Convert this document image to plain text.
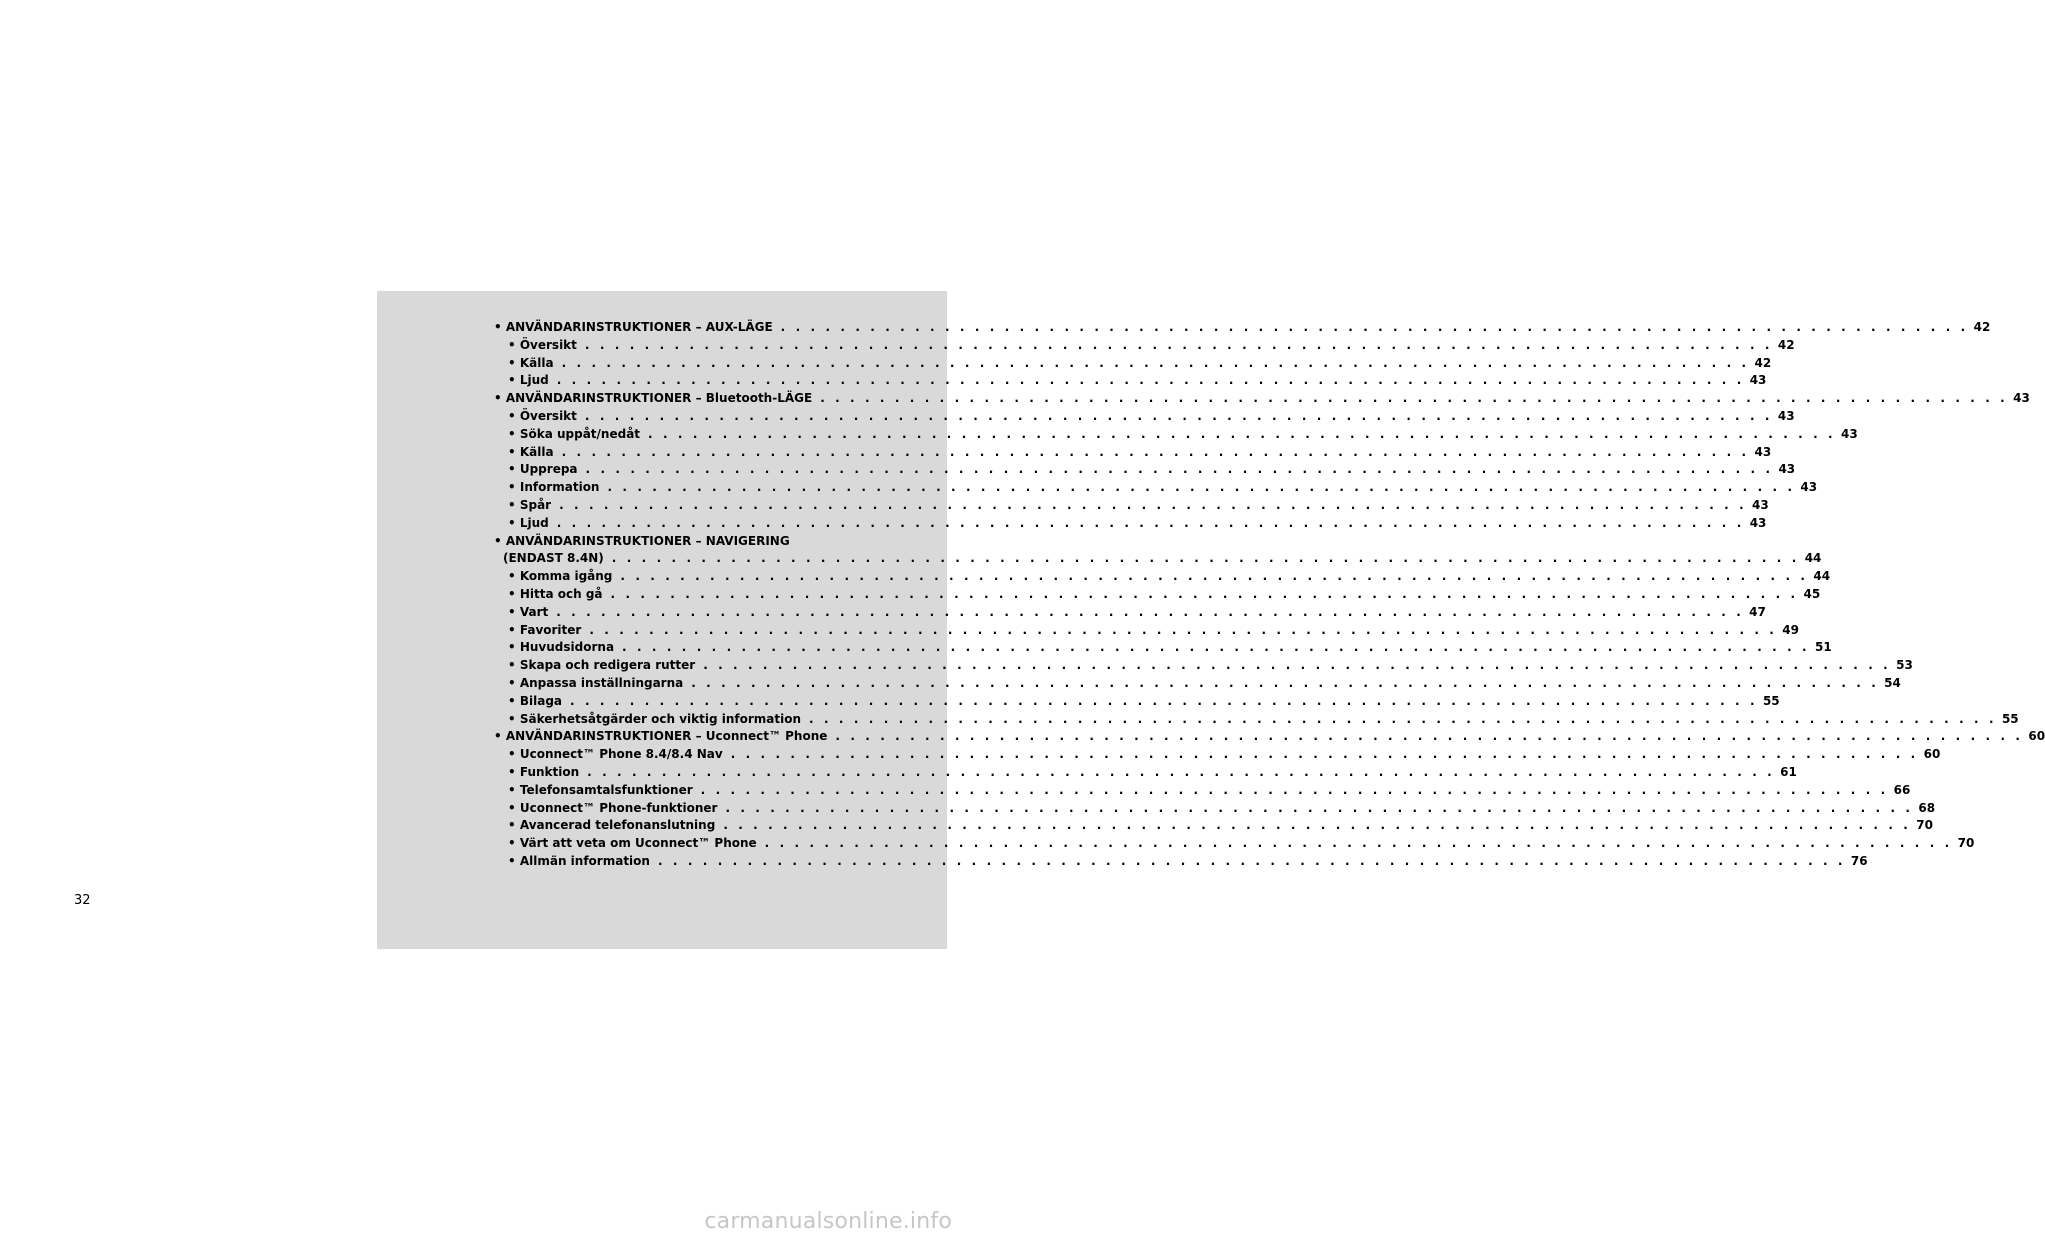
• ANVÄNDARINSTRUKTIONER – AUX-LÄGE . . . . . . . . . . . . . . . . . . . . . . . . . . . . . . . . . . . . . . . . . . . . . . . . . . . . . . . . . . . . . . . . . . . . . . . . . . . . . . . . 42
• Översikt . . . . . . . . . . . . . . . . . . . . . . . . . . . . . . . . . . . . . . . . . . . . . . . . . . . . . . . . . . . . . . . . . . . . . . . . . . . . . . . . 42
• Källa . . . . . . . . . . . . . . . . . . . . . . . . . . . . . . . . . . . . . . . . . . . . . . . . . . . . . . . . . . . . . . . . . . . . . . . . . . . . . . . . 42
• Ljud . . . . . . . . . . . . . . . . . . . . . . . . . . . . . . . . . . . . . . . . . . . . . . . . . . . . . . . . . . . . . . . . . . . . . . . . . . . . . . . . 43
• ANVÄNDARINSTRUKTIONER – Bluetooth-LÄGE . . . . . . . . . . . . . . . . . . . . . . . . . . . . . . . . . . . . . . . . . . . . . . . . . . . . . . . . . . . . . . . . . . . . . . . . . . . . . . . . 43
• Översikt . . . . . . . . . . . . . . . . . . . . . . . . . . . . . . . . . . . . . . . . . . . . . . . . . . . . . . . . . . . . . . . . . . . . . . . . . . . . . . . . 43
• Söka uppåt/nedåt . . . . . . . . . . . . . . . . . . . . . . . . . . . . . . . . . . . . . . . . . . . . . . . . . . . . . . . . . . . . . . . . . . . . . . . . . . . . . . . . 43
• Källa . . . . . . . . . . . . . . . . . . . . . . . . . . . . . . . . . . . . . . . . . . . . . . . . . . . . . . . . . . . . . . . . . . . . . . . . . . . . . . . . 43
• Upprepa . . . . . . . . . . . . . . . . . . . . . . . . . . . . . . . . . . . . . . . . . . . . . . . . . . . . . . . . . . . . . . . . . . . . . . . . . . . . . . . . 43
• Information . . . . . . . . . . . . . . . . . . . . . . . . . . . . . . . . . . . . . . . . . . . . . . . . . . . . . . . . . . . . . . . . . . . . . . . . . . . . . . . . 43
• Spår . . . . . . . . . . . . . . . . . . . . . . . . . . . . . . . . . . . . . . . . . . . . . . . . . . . . . . . . . . . . . . . . . . . . . . . . . . . . . . . . 43
• Ljud . . . . . . . . . . . . . . . . . . . . . . . . . . . . . . . . . . . . . . . . . . . . . . . . . . . . . . . . . . . . . . . . . . . . . . . . . . . . . . . . 43
• ANVÄNDARINSTRUKTIONER – NAVIGERING
(ENDAST 8.4N) . . . . . . . . . . . . . . . . . . . . . . . . . . . . . . . . . . . . . . . . . . . . . . . . . . . . . . . . . . . . . . . . . . . . . . . . . . . . . . . . 44
• Komma igång . . . . . . . . . . . . . . . . . . . . . . . . . . . . . . . . . . . . . . . . . . . . . . . . . . . . . . . . . . . . . . . . . . . . . . . . . . . . . . . . 44
• Hitta och gå . . . . . . . . . . . . . . . . . . . . . . . . . . . . . . . . . . . . . . . . . . . . . . . . . . . . . . . . . . . . . . . . . . . . . . . . . . . . . . . . 45
• Vart . . . . . . . . . . . . . . . . . . . . . . . . . . . . . . . . . . . . . . . . . . . . . . . . . . . . . . . . . . . . . . . . . . . . . . . . . . . . . . . . 47
• Favoriter . . . . . . . . . . . . . . . . . . . . . . . . . . . . . . . . . . . . . . . . . . . . . . . . . . . . . . . . . . . . . . . . . . . . . . . . . . . . . . . . 49
• Huvudsidorna . . . . . . . . . . . . . . . . . . . . . . . . . . . . . . . . . . . . . . . . . . . . . . . . . . . . . . . . . . . . . . . . . . . . . . . . . . . . . . . . 51
• Skapa och redigera rutter . . . . . . . . . . . . . . . . . . . . . . . . . . . . . . . . . . . . . . . . . . . . . . . . . . . . . . . . . . . . . . . . . . . . . . . . . . . . . . . . 53
• Anpassa inställningarna . . . . . . . . . . . . . . . . . . . . . . . . . . . . . . . . . . . . . . . . . . . . . . . . . . . . . . . . . . . . . . . . . . . . . . . . . . . . . . . . 54
• Bilaga . . . . . . . . . . . . . . . . . . . . . . . . . . . . . . . . . . . . . . . . . . . . . . . . . . . . . . . . . . . . . . . . . . . . . . . . . . . . . . . . 55
• Säkerhetsåtgärder och viktig information . . . . . . . . . . . . . . . . . . . . . . . . . . . . . . . . . . . . . . . . . . . . . . . . . . . . . . . . . . . . . . . . . . . . . . . . . . . . . . . . 55
• ANVÄNDARINSTRUKTIONER – Uconnect™ Phone . . . . . . . . . . . . . . . . . . . . . . . . . . . . . . . . . . . . . . . . . . . . . . . . . . . . . . . . . . . . . . . . . . . . . . . . . . . . . . . . 60
• Uconnect™ Phone 8.4/8.4 Nav . . . . . . . . . . . . . . . . . . . . . . . . . . . . . . . . . . . . . . . . . . . . . . . . . . . . . . . . . . . . . . . . . . . . . . . . . . . . . . . . 60
• Funktion . . . . . . . . . . . . . . . . . . . . . . . . . . . . . . . . . . . . . . . . . . . . . . . . . . . . . . . . . . . . . . . . . . . . . . . . . . . . . . . . 61
• Telefonsamtalsfunktioner . . . . . . . . . . . . . . . . . . . . . . . . . . . . . . . . . . . . . . . . . . . . . . . . . . . . . . . . . . . . . . . . . . . . . . . . . . . . . . . . 66
• Uconnect™ Phone-funktioner . . . . . . . . . . . . . . . . . . . . . . . . . . . . . . . . . . . . . . . . . . . . . . . . . . . . . . . . . . . . . . . . . . . . . . . . . . . . . . . . 68
• Avancerad telefonanslutning . . . . . . . . . . . . . . . . . . . . . . . . . . . . . . . . . . . . . . . . . . . . . . . . . . . . . . . . . . . . . . . . . . . . . . . . . . . . . . . . 70
• Värt att veta om Uconnect™ Phone . . . . . . . . . . . . . . . . . . . . . . . . . . . . . . . . . . . . . . . . . . . . . . . . . . . . . . . . . . . . . . . . . . . . . . . . . . . . . . . . 70
• Allmän information . . . . . . . . . . . . . . . . . . . . . . . . . . . . . . . . . . . . . . . . . . . . . . . . . . . . . . . . . . . . . . . . . . . . . . . . . . . . . . . . 76
32
carmanualsonline.info
